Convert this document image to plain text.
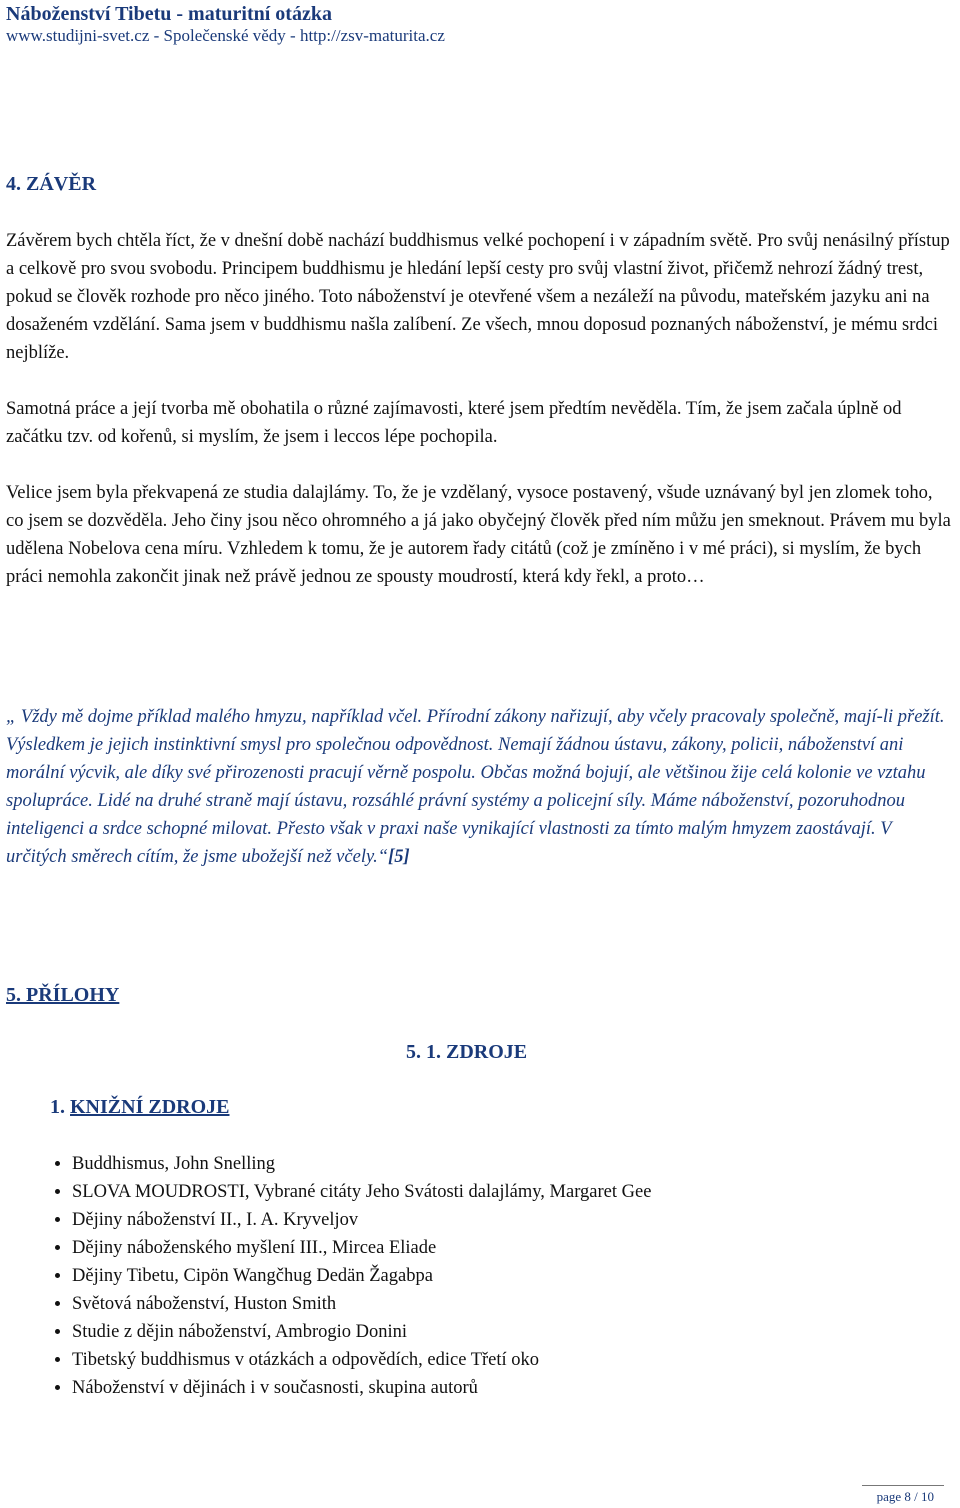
Náboženství Tibetu - maturitní otázka
www.studijni-svet.cz - Společenské vědy - http://zsv-maturita.cz
4. ZÁVĚR

Závěrem bych chtěla říct, že v dnešní době nachází buddhismus velké pochopení i v západním světě. Pro svůj nenásilný přístup a celkově pro svou svobodu. Principem buddhismu je hledání lepší cesty pro svůj vlastní život, přičemž nehrozí žádný trest, pokud se člověk rozhode pro něco jiného. Toto náboženství je otevřené všem a nezáleží na původu, mateřském jazyku ani na dosaženém vzdělání. Sama jsem v buddhismu našla zalíbení. Ze všech, mnou doposud poznaných náboženství, je mému srdci nejblíže.

Samotná práce a její tvorba mě obohatila o různé zajímavosti, které jsem předtím nevěděla. Tím, že jsem začala úplně od začátku tzv. od kořenů, si myslím, že jsem i leccos lépe pochopila.

Velice jsem byla překvapená ze studia dalajlámy. To, že je vzdělaný, vysoce postavený, všude uznávaný byl jen zlomek toho, co jsem se dozvěděla. Jeho činy jsou něco ohromného a já jako obyčejný člověk před ním můžu jen smeknout. Právem mu byla udělena Nobelova cena míru. Vzhledem k tomu, že je autorem řady citátů (což je zmíněno i v mé práci), si myslím, že bych práci nemohla zakončit jinak než právě jednou ze spousty moudrostí, která kdy řekl, a proto…

„ Vždy mě dojme příklad malého hmyzu, například včel. Přírodní zákony nařizují, aby včely pracovaly společně, mají-li přežít. Výsledkem je jejich instinktivní smysl pro společnou odpovědnost. Nemají žádnou ústavu, zákony, policii, náboženství ani morální výcvik, ale díky své přirozenosti pracují věrně pospolu. Občas možná bojují, ale většinou žije celá kolonie ve vztahu spolupráce. Lidé na druhé straně mají ústavu, rozsáhlé právní systémy a policejní síly. Máme náboženství, pozoruhodnou inteligenci a srdce schopné milovat. Přesto však v praxi naše vynikající vlastnosti za tímto malým hmyzem zaostávají. V určitých směrech cítím, že jsme ubožejší než včely.“[5]

5. PŘÍLOHY
5. 1. ZDROJE
1. KNIŽNÍ ZDROJE
• Buddhismus, John Snelling
• SLOVA MOUDROSTI, Vybrané citáty Jeho Svátosti dalajlámy, Margaret Gee
• Dějiny náboženství II., I. A. Kryveljov
• Dějiny náboženského myšlení III., Mircea Eliade
• Dějiny Tibetu, Cipön Wangčhug Dedän Žagabpa
• Světová náboženství, Huston Smith
• Studie z dějin náboženství, Ambrogio Donini
• Tibetský buddhismus v otázkách a odpovědích, edice Třetí oko
• Náboženství v dějinách i v současnosti, skupina autorů
page 8 / 10
